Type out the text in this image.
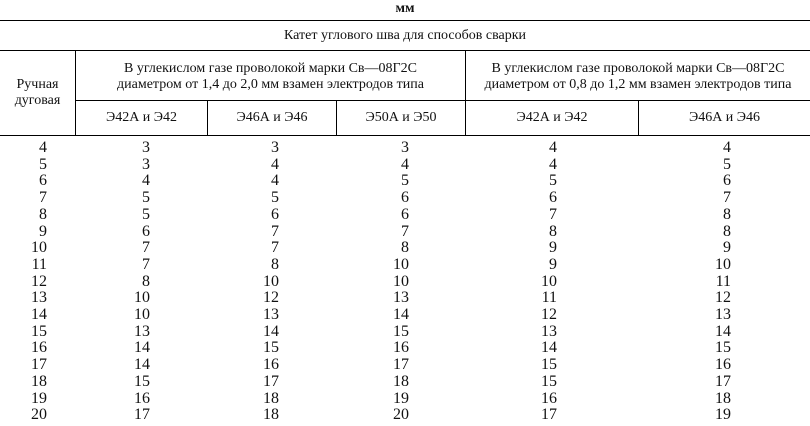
мм
Катет углового шва для способов сварки
Ручная дуговая
В углекислом газе проволокой марки Св—08Г2С
диаметром от 1,4 до 2,0 мм взамен электродов типа
В углекислом газе проволокой марки Св—08Г2С
диаметром от 0,8 до 1,2 мм взамен электродов типа
Э42А и Э42	Э46А и Э46	Э50А и Э50	Э42А и Э42	Э46А и Э46
4	3	3	3	4	4
5	3	4	4	4	5
6	4	4	5	5	6
7	5	5	6	6	7
8	5	6	6	7	8
9	6	7	7	8	8
10	7	7	8	9	9
11	7	8	10	9	10
12	8	10	10	10	11
13	10	12	13	11	12
14	10	13	14	12	13
15	13	14	15	13	14
16	14	15	16	14	15
17	14	16	17	15	16
18	15	17	18	15	17
19	16	18	19	16	18
20	17	18	20	17	19
